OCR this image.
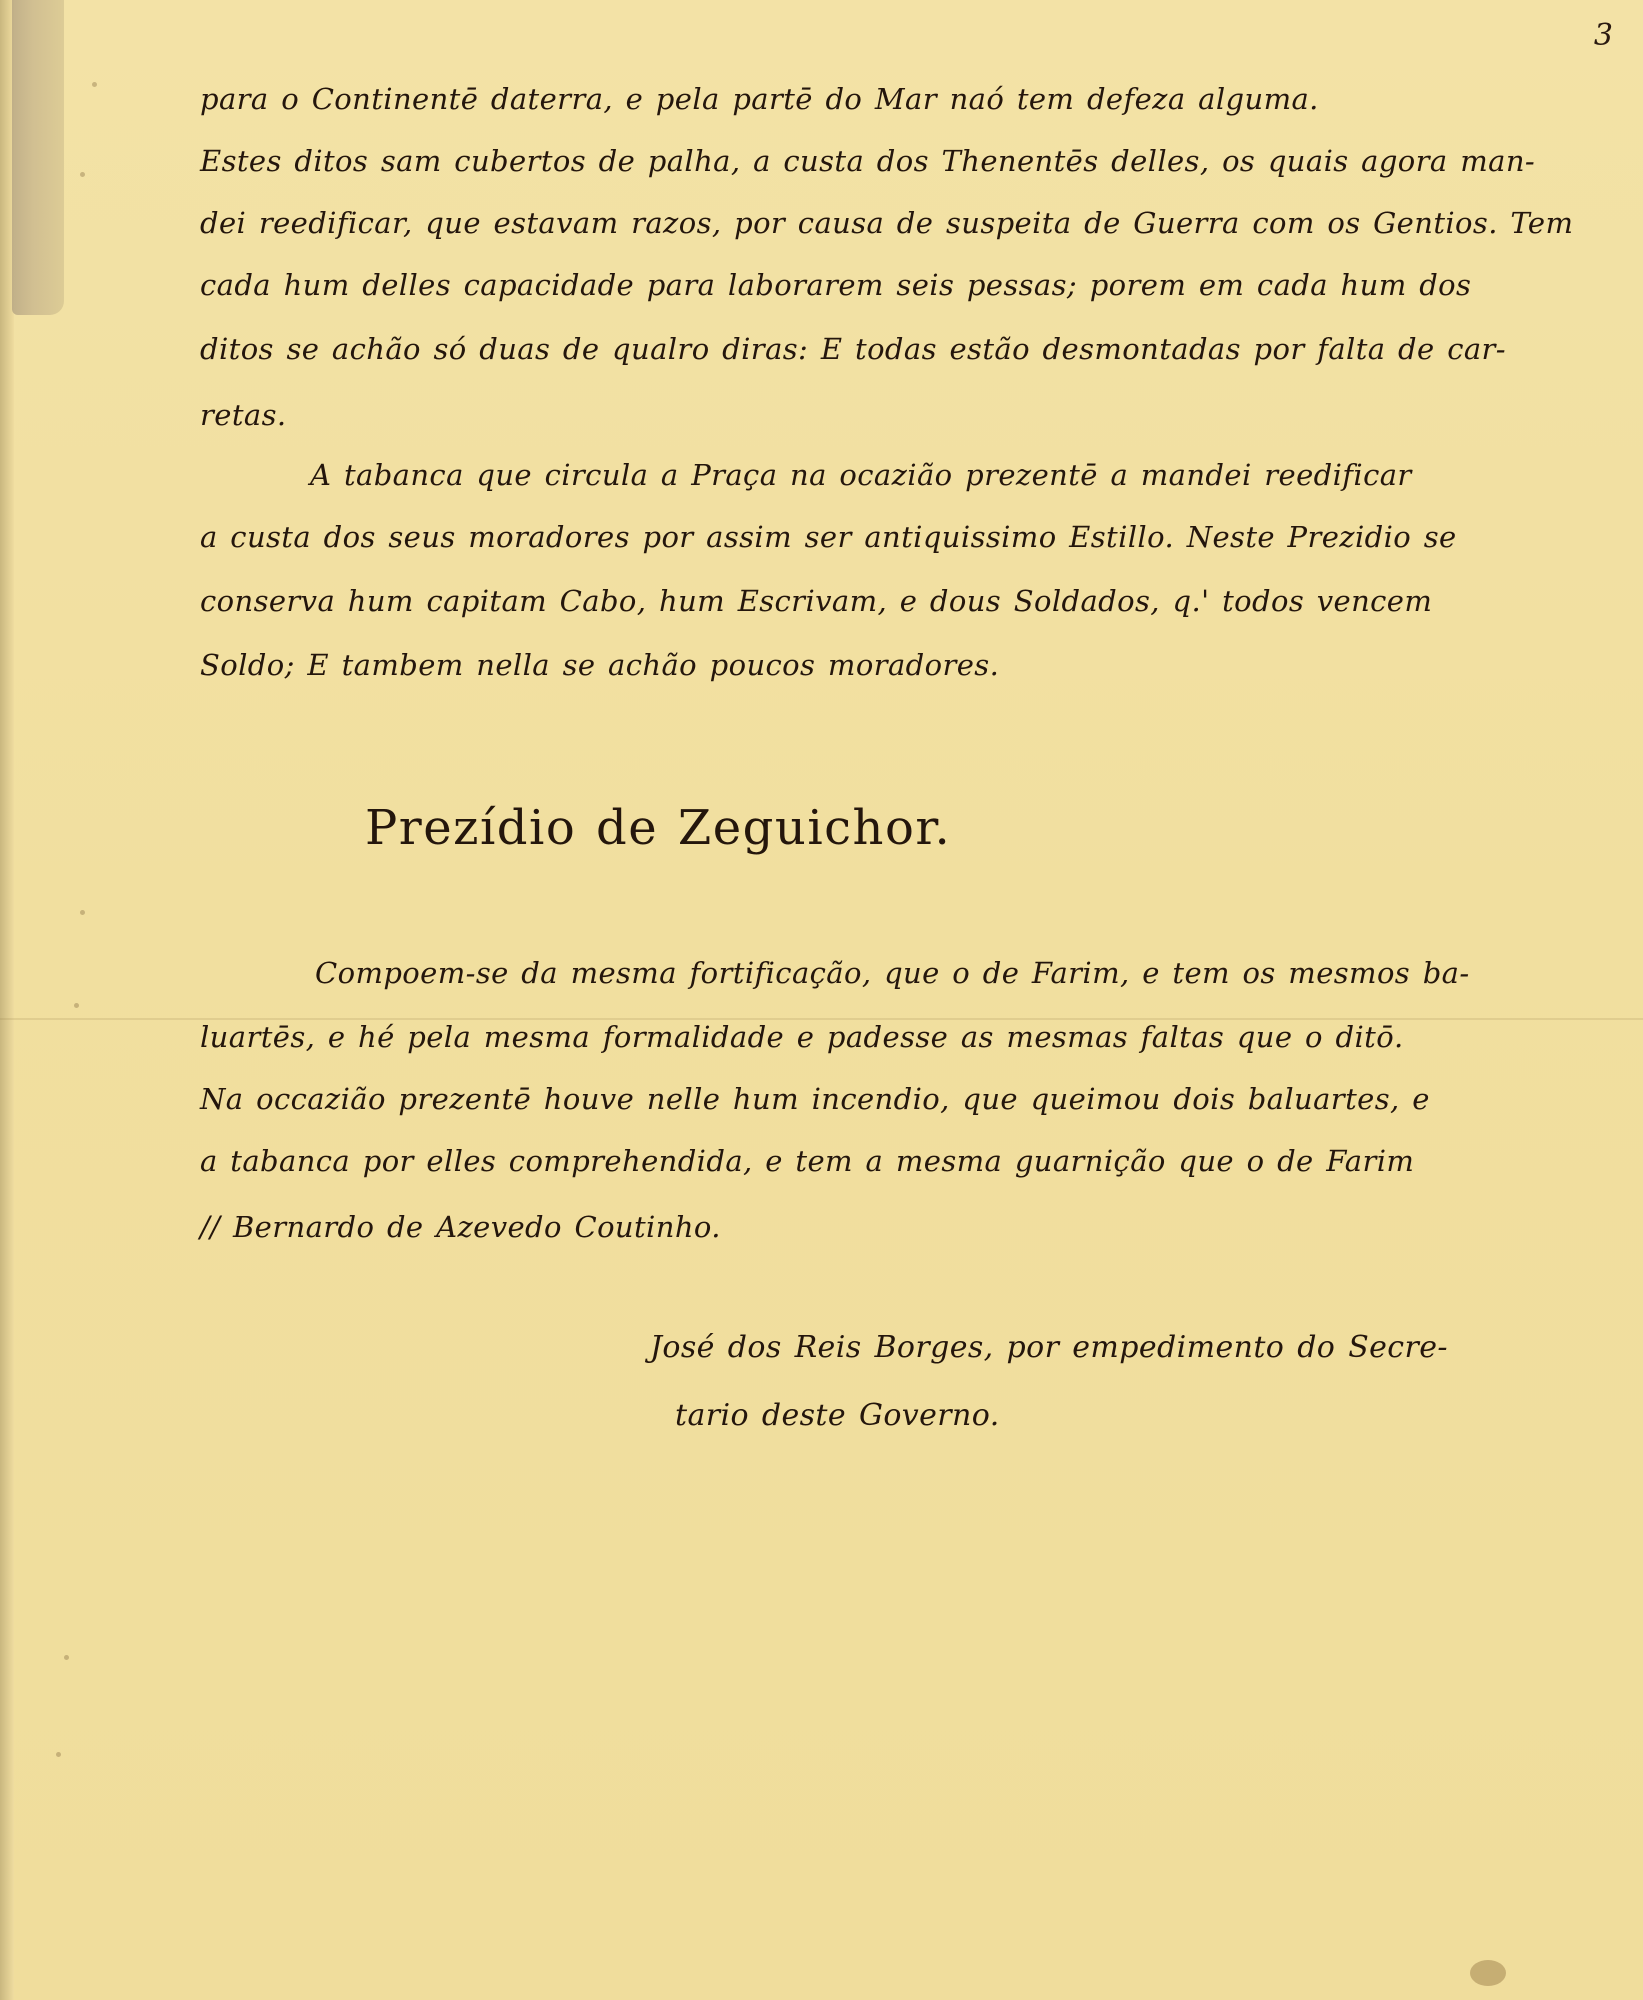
3

para o Continentē daterra, e pela partē do Mar naó tem defeza alguma.

Estes ditos sam cubertos de palha, a custa dos Thenentēs delles, os quais agora man-

dei reedificar, que estavam razos, por causa de suspeita de Guerra com os Gentios. Tem

cada hum delles capacidade para laborarem seis pessas; porem em cada hum dos

ditos se achão só duas de qualro diras: E todas estão desmontadas por falta de car-

retas.

A tabanca que circula a Praça na ocazião prezentē a mandei reedificar

a custa dos seus moradores por assim ser antiquissimo Estillo. Neste Prezidio se

conserva hum capitam Cabo, hum Escrivam, e dous Soldados, q.' todos vencem

Soldo; E tambem nella se achão poucos moradores.

Prezídio de Zeguichor.

Compoem-se da mesma fortificação, que o de Farim, e tem os mesmos ba-

luartēs, e hé pela mesma formalidade e padesse as mesmas faltas que o ditō.

Na occazião prezentē houve nelle hum incendio, que queimou dois baluartes, e

a tabanca por elles comprehendida, e tem a mesma guarnição que o de Farim

// Bernardo de Azevedo Coutinho.

José dos Reis Borges, por empedimento do Secre-

tario deste Governo.
